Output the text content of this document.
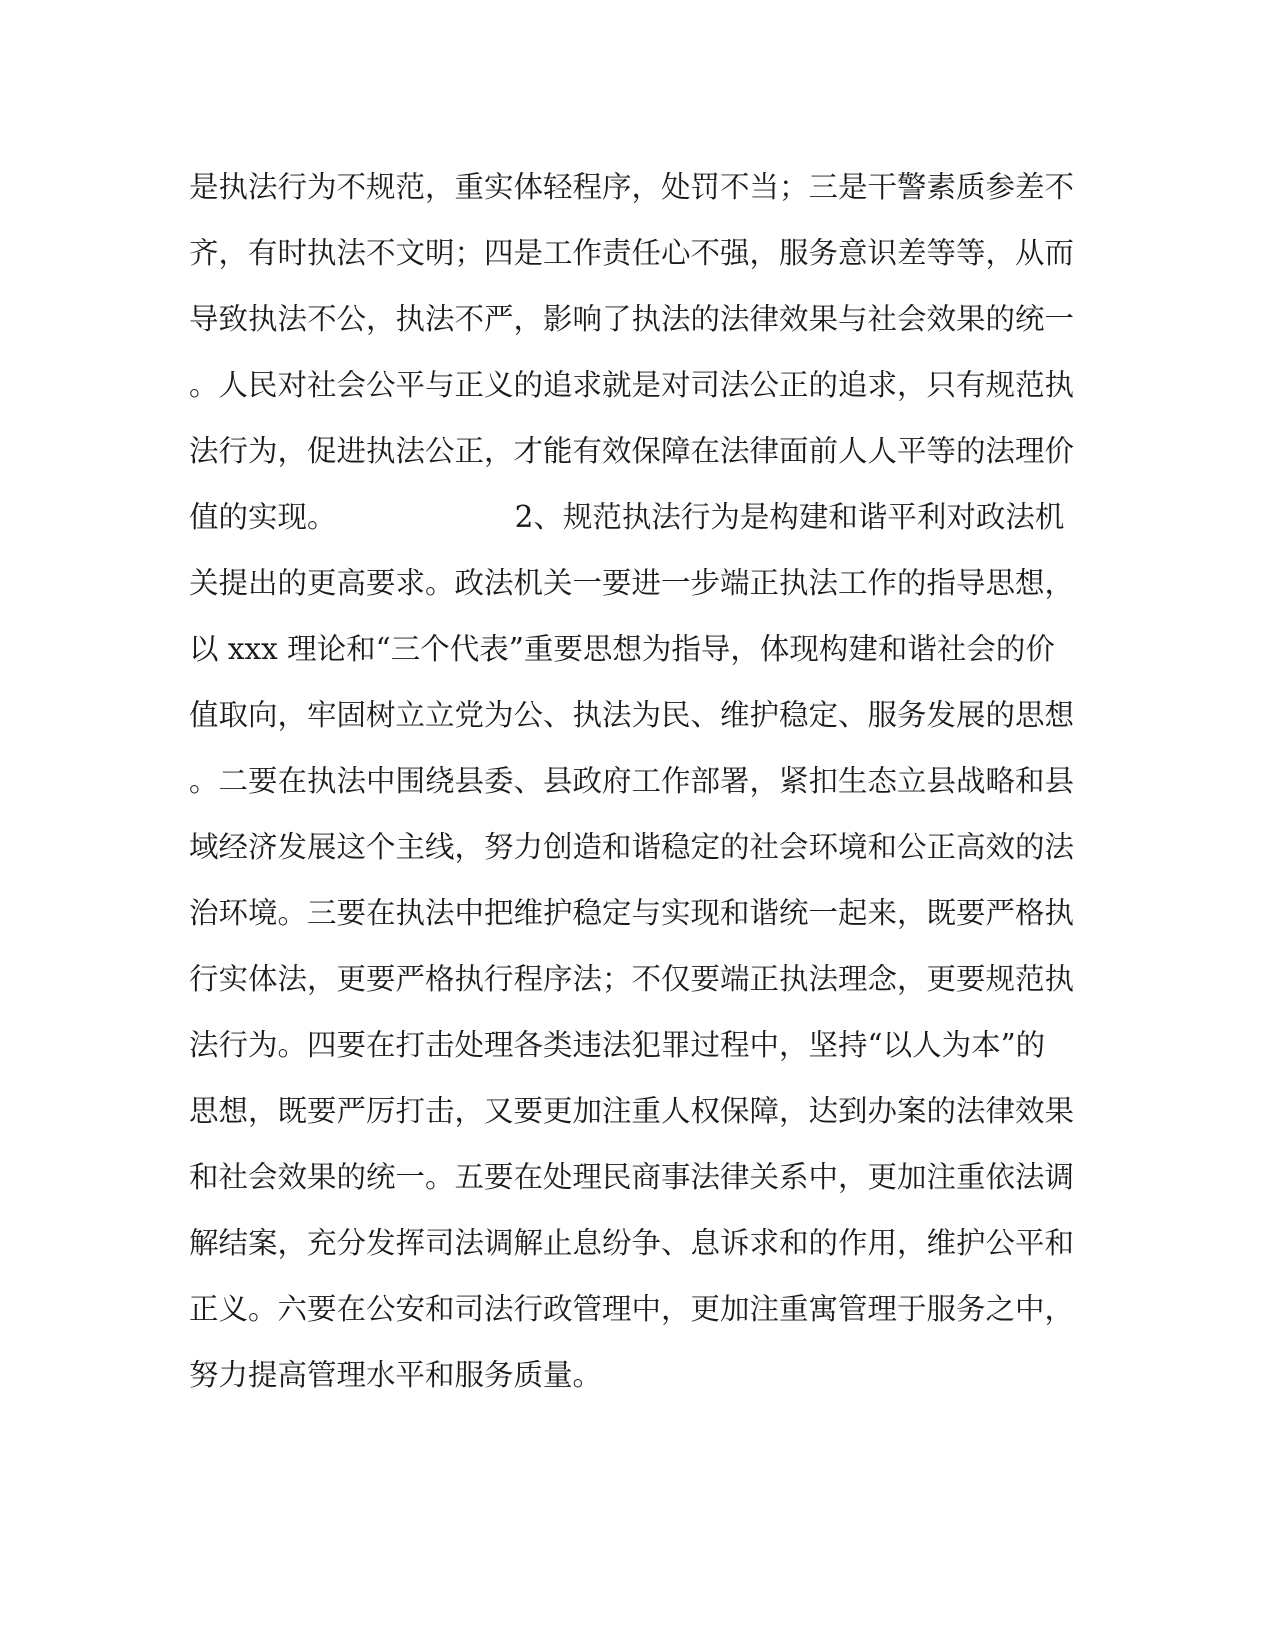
是执法行为不规范，重实体轻程序，处罚不当；三是干警素质参差不
齐，有时执法不文明；四是工作责任心不强，服务意识差等等，从而
导致执法不公，执法不严，影响了执法的法律效果与社会效果的统一
。人民对社会公平与正义的追求就是对司法公正的追求，只有规范执
法行为，促进执法公正，才能有效保障在法律面前人人平等的法理价
值的实现。                   2、规范执法行为是构建和谐平利对政法机
关提出的更高要求。政法机关一要进一步端正执法工作的指导思想，
以 xxx 理论和“三个代表”重要思想为指导，体现构建和谐社会的价
值取向，牢固树立立党为公、执法为民、维护稳定、服务发展的思想
。二要在执法中围绕县委、县政府工作部署，紧扣生态立县战略和县
域经济发展这个主线，努力创造和谐稳定的社会环境和公正高效的法
治环境。三要在执法中把维护稳定与实现和谐统一起来，既要严格执
行实体法，更要严格执行程序法；不仅要端正执法理念，更要规范执
法行为。四要在打击处理各类违法犯罪过程中，坚持“以人为本”的
思想，既要严厉打击，又要更加注重人权保障，达到办案的法律效果
和社会效果的统一。五要在处理民商事法律关系中，更加注重依法调
解结案，充分发挥司法调解止息纷争、息诉求和的作用，维护公平和
正义。六要在公安和司法行政管理中，更加注重寓管理于服务之中，
努力提高管理水平和服务质量。
